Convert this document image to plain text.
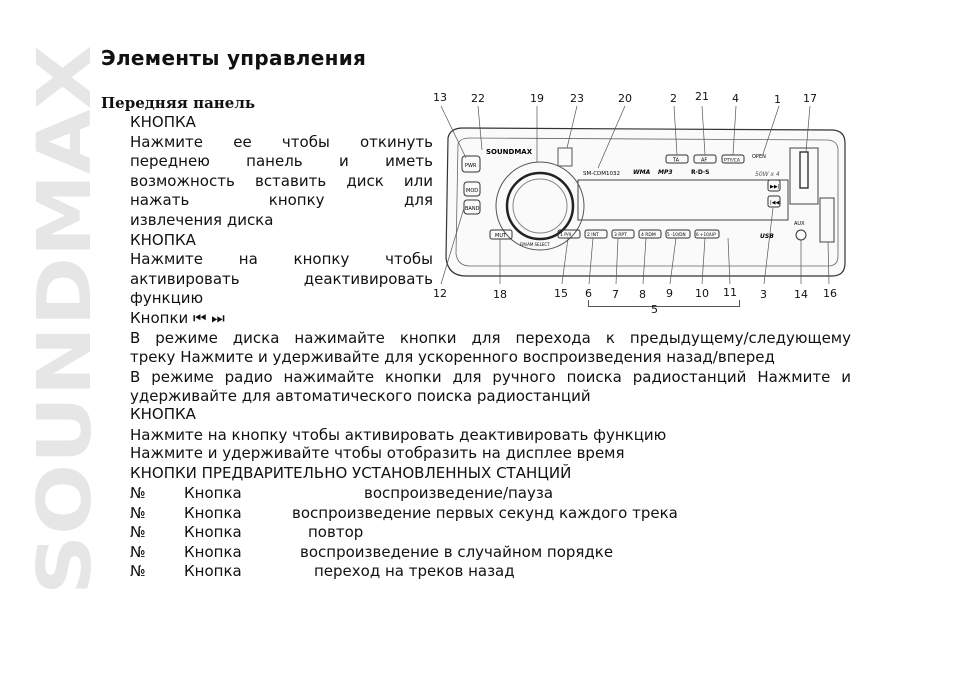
SOUNDMAX
Элементы управления
Передняя панель
КНОПКА
Нажмите ее чтобы откинуть
переднею панель и иметь
возможность вставить диск или
нажать кнопку для
извлечения диска
КНОПКА
Нажмите на кнопку чтобы
активировать деактивировать
функцию
Кнопки ⏮ ⏭
В режиме диска нажимайте кнопки для перехода к предыдущему/следующему
треку Нажмите и удерживайте для ускоренного воспроизведения назад/вперед
В режиме радио нажимайте кнопки для ручного поиска радиостанций Нажмите и
удерживайте для автоматического поиска радиостанций
КНОПКА
Нажмите на кнопку чтобы активировать деактивировать функцию
Нажмите и удерживайте чтобы отобразить на дисплее время
КНОПКИ ПРЕДВАРИТЕЛЬНО УСТАНОВЛЕННЫХ СТАНЦИЙ
№	Кнопка	воспроизведение/пауза
№	Кнопка	воспроизведение первых секунд каждого трека
№	Кнопка	повтор
№	Кнопка	воспроизведение в случайном порядке
№	Кнопка	переход на треков назад
PWR
MOD
BAND
SOUNDMAX
SM-CDM1032 WMA MP3	R·D·S	50W x 4
TA	AF	PTY/CA
OPEN
▶▶|
|◀◀
AUX
USB
MUT	1 P/II	2 INT	3 RPT	4 RDM	5 -10/DN 6 +10/UP
FM/AM SELECT
13 22	19 23	20	2 21 4	1 17
12	18	15 6 7 8 9 10 11 3 14 16
5
